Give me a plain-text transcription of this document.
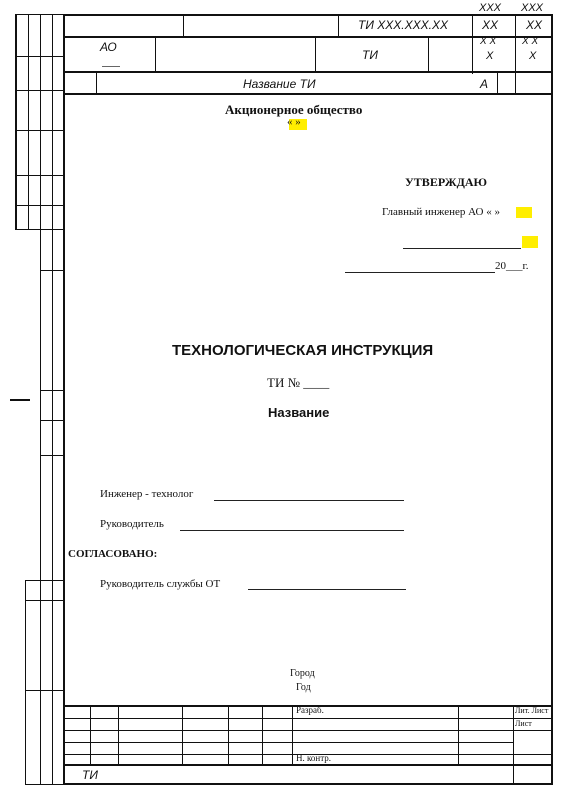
XXX XXX
ТИ XXX.XXX.XX	XX XX
АО
ТИ
X X
X
X X
X
Название ТИ	А
Акционерное общество
« »
УТВЕРЖДАЮ
Главный инженер АО « »
20___г.
ТЕХНОЛОГИЧЕСКАЯ ИНСТРУКЦИЯ
ТИ № ____
Название
Инженер - технолог
Руководитель
СОГЛАСОВАНО:
Руководитель службы ОТ
Город
Год
Разраб.
Н. контр.
Лит. Лист
Лист
ТИ
